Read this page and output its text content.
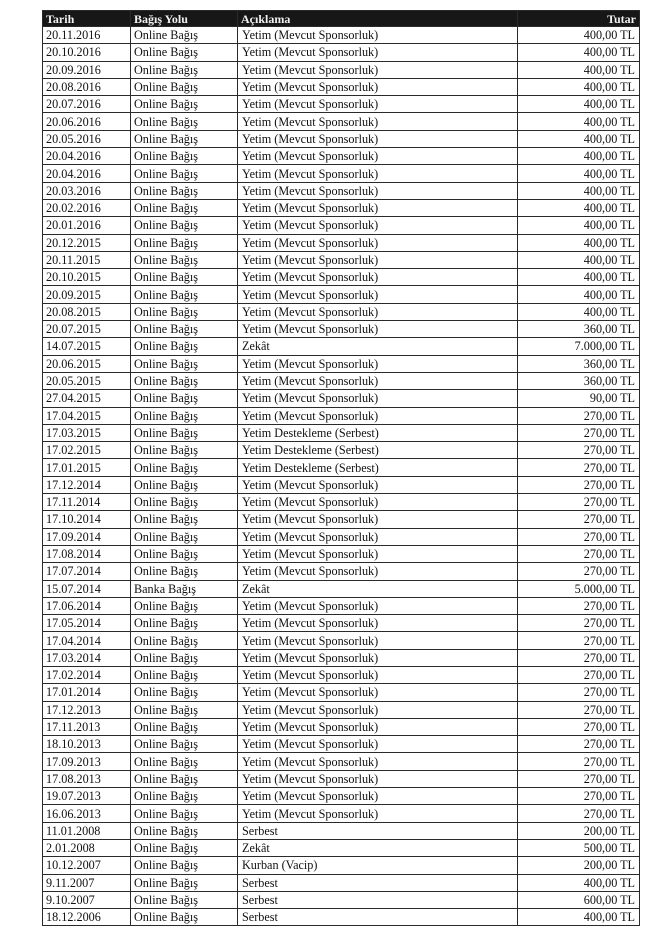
Tarih	Bağış Yolu	Açıklama	Tutar
20.11.2016	Online Bağış	Yetim (Mevcut Sponsorluk)	400,00 TL
20.10.2016	Online Bağış	Yetim (Mevcut Sponsorluk)	400,00 TL
20.09.2016	Online Bağış	Yetim (Mevcut Sponsorluk)	400,00 TL
20.08.2016	Online Bağış	Yetim (Mevcut Sponsorluk)	400,00 TL
20.07.2016	Online Bağış	Yetim (Mevcut Sponsorluk)	400,00 TL
20.06.2016	Online Bağış	Yetim (Mevcut Sponsorluk)	400,00 TL
20.05.2016	Online Bağış	Yetim (Mevcut Sponsorluk)	400,00 TL
20.04.2016	Online Bağış	Yetim (Mevcut Sponsorluk)	400,00 TL
20.04.2016	Online Bağış	Yetim (Mevcut Sponsorluk)	400,00 TL
20.03.2016	Online Bağış	Yetim (Mevcut Sponsorluk)	400,00 TL
20.02.2016	Online Bağış	Yetim (Mevcut Sponsorluk)	400,00 TL
20.01.2016	Online Bağış	Yetim (Mevcut Sponsorluk)	400,00 TL
20.12.2015	Online Bağış	Yetim (Mevcut Sponsorluk)	400,00 TL
20.11.2015	Online Bağış	Yetim (Mevcut Sponsorluk)	400,00 TL
20.10.2015	Online Bağış	Yetim (Mevcut Sponsorluk)	400,00 TL
20.09.2015	Online Bağış	Yetim (Mevcut Sponsorluk)	400,00 TL
20.08.2015	Online Bağış	Yetim (Mevcut Sponsorluk)	400,00 TL
20.07.2015	Online Bağış	Yetim (Mevcut Sponsorluk)	360,00 TL
14.07.2015	Online Bağış	Zekât	7.000,00 TL
20.06.2015	Online Bağış	Yetim (Mevcut Sponsorluk)	360,00 TL
20.05.2015	Online Bağış	Yetim (Mevcut Sponsorluk)	360,00 TL
27.04.2015	Online Bağış	Yetim (Mevcut Sponsorluk)	90,00 TL
17.04.2015	Online Bağış	Yetim (Mevcut Sponsorluk)	270,00 TL
17.03.2015	Online Bağış	Yetim Destekleme (Serbest)	270,00 TL
17.02.2015	Online Bağış	Yetim Destekleme (Serbest)	270,00 TL
17.01.2015	Online Bağış	Yetim Destekleme (Serbest)	270,00 TL
17.12.2014	Online Bağış	Yetim (Mevcut Sponsorluk)	270,00 TL
17.11.2014	Online Bağış	Yetim (Mevcut Sponsorluk)	270,00 TL
17.10.2014	Online Bağış	Yetim (Mevcut Sponsorluk)	270,00 TL
17.09.2014	Online Bağış	Yetim (Mevcut Sponsorluk)	270,00 TL
17.08.2014	Online Bağış	Yetim (Mevcut Sponsorluk)	270,00 TL
17.07.2014	Online Bağış	Yetim (Mevcut Sponsorluk)	270,00 TL
15.07.2014	Banka Bağış	Zekât	5.000,00 TL
17.06.2014	Online Bağış	Yetim (Mevcut Sponsorluk)	270,00 TL
17.05.2014	Online Bağış	Yetim (Mevcut Sponsorluk)	270,00 TL
17.04.2014	Online Bağış	Yetim (Mevcut Sponsorluk)	270,00 TL
17.03.2014	Online Bağış	Yetim (Mevcut Sponsorluk)	270,00 TL
17.02.2014	Online Bağış	Yetim (Mevcut Sponsorluk)	270,00 TL
17.01.2014	Online Bağış	Yetim (Mevcut Sponsorluk)	270,00 TL
17.12.2013	Online Bağış	Yetim (Mevcut Sponsorluk)	270,00 TL
17.11.2013	Online Bağış	Yetim (Mevcut Sponsorluk)	270,00 TL
18.10.2013	Online Bağış	Yetim (Mevcut Sponsorluk)	270,00 TL
17.09.2013	Online Bağış	Yetim (Mevcut Sponsorluk)	270,00 TL
17.08.2013	Online Bağış	Yetim (Mevcut Sponsorluk)	270,00 TL
19.07.2013	Online Bağış	Yetim (Mevcut Sponsorluk)	270,00 TL
16.06.2013	Online Bağış	Yetim (Mevcut Sponsorluk)	270,00 TL
11.01.2008	Online Bağış	Serbest	200,00 TL
2.01.2008	Online Bağış	Zekât	500,00 TL
10.12.2007	Online Bağış	Kurban (Vacip)	200,00 TL
9.11.2007	Online Bağış	Serbest	400,00 TL
9.10.2007	Online Bağış	Serbest	600,00 TL
18.12.2006	Online Bağış	Serbest	400,00 TL
